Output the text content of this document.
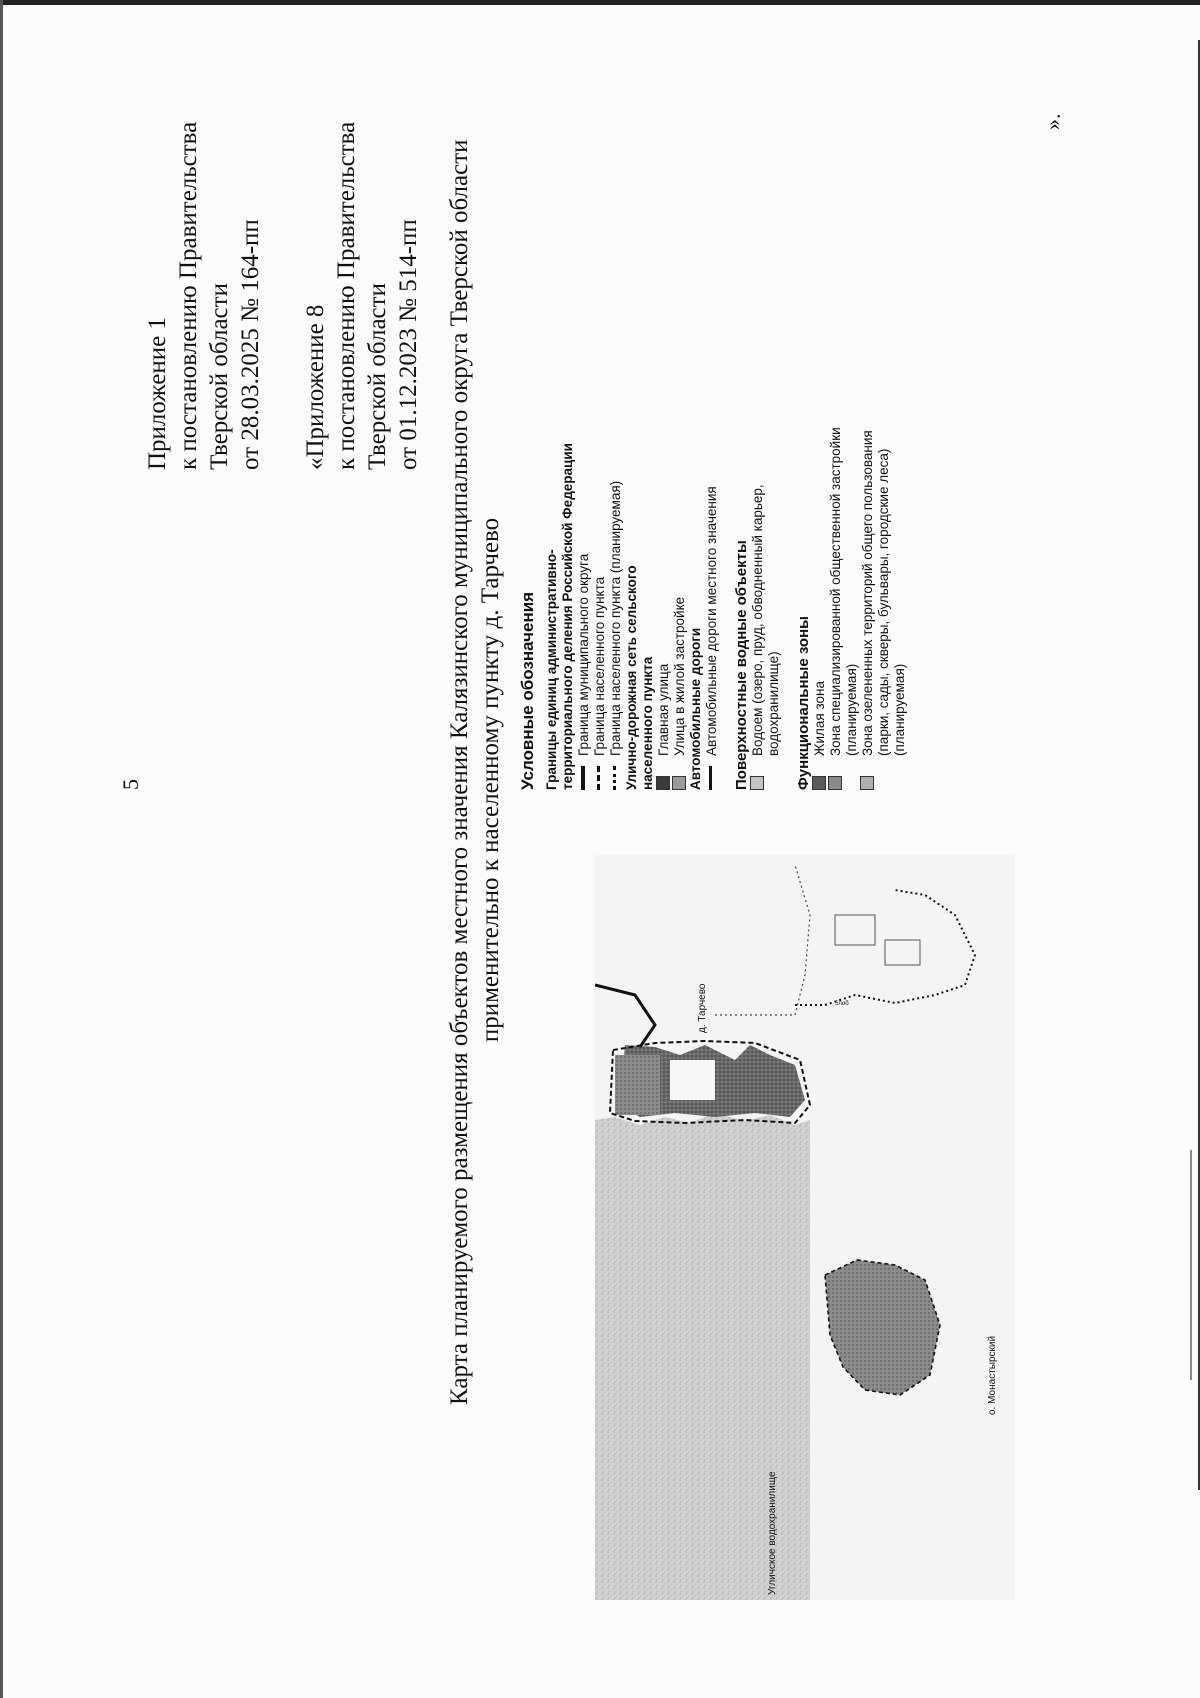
5
Приложение 1 к постановлению Правительства Тверской области от 28.03.2025 № 164-пп «Приложение 8 к постановлению Правительства Тверской области от 01.12.2023 № 514-пп Карта планируемого размещения объектов местного значения Калязинского муниципального округа Тверской области применительно к населенному пункту д. Тарчево Условные обозначения Границы единиц административно- территориального деления Российской Федерации Граница муниципального округа Граница населенного пункта Граница населенного пункта (планируемая) Улично-дорожная сеть сельского населенного пункта Главная улица Улица в жилой застройке Автомобильные дороги Автомобильные дороги местного значения Поверхностные водные объекты Водоем (озеро, пруд, обводненный карьер,
водохранилище) Функциональные зоны Жилая зона Зона специализированной общественной застройки
(планируемая) Зона озелененных территорий общего пользования
(парки, сады, скверы, бульвары, городские леса)
(планируемая)
».
д. Тарчево
о. Монастырский
Угличское водохранилище
5лоб
